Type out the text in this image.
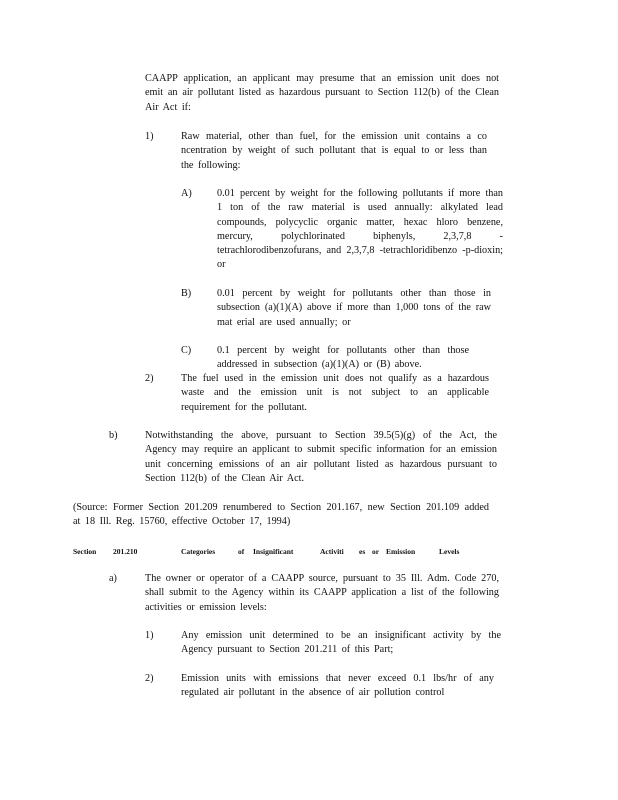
CAAPP application, an applicant may presume that an emission unit does not emit an air pollutant listed as hazardous pursuant to Section 112(b) of the Clean Air Act if:

1)	Raw material, other than fuel, for the emission unit contains a co ncentration by weight of such pollutant that is equal to or less than the following:

A) 0.01 percent by weight for the following pollutants if more than 1 ton of the raw material is used annually: alkylated lead compounds, polycyclic organic matter, hexac hloro benzene, mercury, polychlorinated biphenyls, 2,3,7,8 - tetrachlorodibenzofurans, and 2,3,7,8 -tetrachloridibenzo -p-dioxin; or

B)	0.01 percent by weight for pollutants other than those in subsection (a)(1)(A) above if more than 1,000 tons of the raw mat erial are used annually; or

C)	0.1 percent by weight for pollutants other than those addressed in subsection (a)(1)(A) or (B) above.

2)	The fuel used in the emission unit does not qualify as a hazardous waste and the emission unit is not subject to an applicable requirement for the pollutant.

b)	Notwithstanding the above, pursuant to Section 39.5(5)(g) of the Act, the Agency may require an applicant to submit specific information for an emission unit concerning emissions of an air pollutant listed as hazardous pursuant to Section 112(b) of the Clean Air Act.

(Source: Former Section 201.209 renumbered to Section 201.167, new Section 201.109 added at 18 Ill. Reg. 15760, effective October 17, 1994)

Section 201.210	Categories	of Insignificant	Activiti es or Emission	Levels

a)	The owner or operator of a CAAPP source, pursuant to 35 Ill. Adm. Code 270, shall submit to the Agency within its CAAPP application a list of the following activities or emission levels:

1)	Any emission unit determined to be an insignificant activity by the Agency pursuant to Section 201.211 of this Part;

2)	Emission units with emissions that never exceed 0.1 lbs/hr of any regulated air pollutant in the absence of air pollution control
